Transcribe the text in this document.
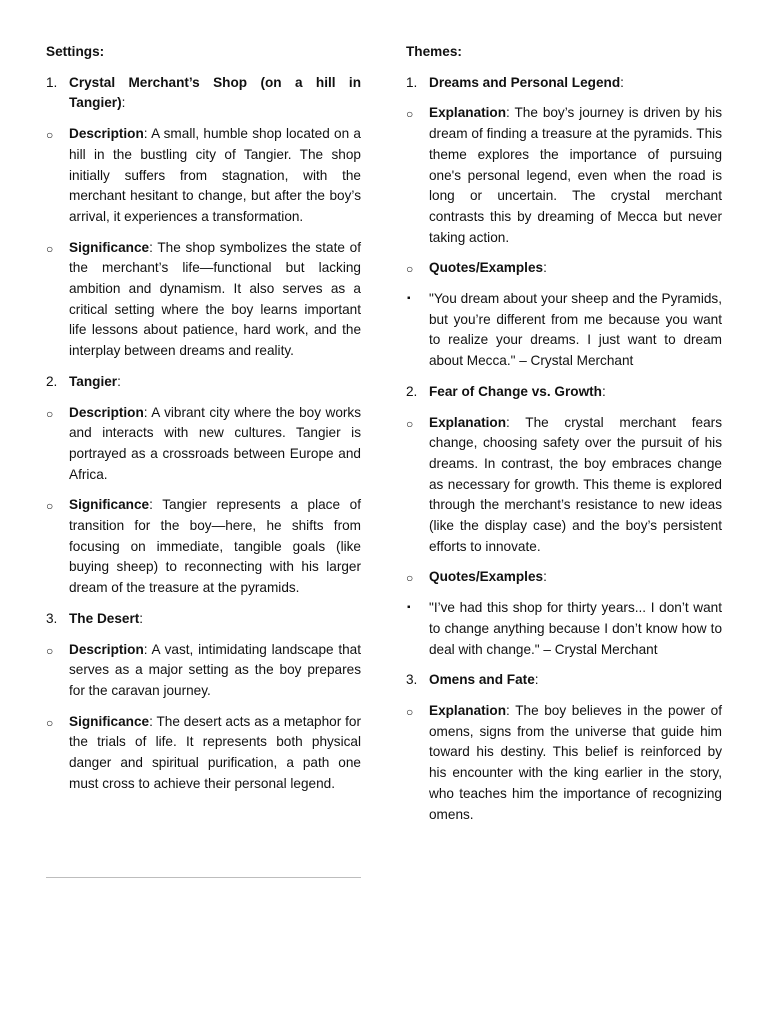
Settings:
1. Crystal Merchant’s Shop (on a hill in Tangier):
○ Description: A small, humble shop located on a hill in the bustling city of Tangier. The shop initially suffers from stagnation, with the merchant hesitant to change, but after the boy’s arrival, it experiences a transformation.
○ Significance: The shop symbolizes the state of the merchant’s life—functional but lacking ambition and dynamism. It also serves as a critical setting where the boy learns important life lessons about patience, hard work, and the interplay between dreams and reality.
2. Tangier:
○ Description: A vibrant city where the boy works and interacts with new cultures. Tangier is portrayed as a crossroads between Europe and Africa.
○ Significance: Tangier represents a place of transition for the boy—here, he shifts from focusing on immediate, tangible goals (like buying sheep) to reconnecting with his larger dream of the treasure at the pyramids.
3. The Desert:
○ Description: A vast, intimidating landscape that serves as a major setting as the boy prepares for the caravan journey.
○ Significance: The desert acts as a metaphor for the trials of life. It represents both physical danger and spiritual purification, a path one must cross to achieve their personal legend.
Themes:
1. Dreams and Personal Legend:
○ Explanation: The boy’s journey is driven by his dream of finding a treasure at the pyramids. This theme explores the importance of pursuing one's personal legend, even when the road is long or uncertain. The crystal merchant contrasts this by dreaming of Mecca but never taking action.
○ Quotes/Examples:
▪ "You dream about your sheep and the Pyramids, but you’re different from me because you want to realize your dreams. I just want to dream about Mecca." – Crystal Merchant
2. Fear of Change vs. Growth:
○ Explanation: The crystal merchant fears change, choosing safety over the pursuit of his dreams. In contrast, the boy embraces change as necessary for growth. This theme is explored through the merchant’s resistance to new ideas (like the display case) and the boy’s persistent efforts to innovate.
○ Quotes/Examples:
▪ "I’ve had this shop for thirty years... I don’t want to change anything because I don’t know how to deal with change." – Crystal Merchant
3. Omens and Fate:
○ Explanation: The boy believes in the power of omens, signs from the universe that guide him toward his destiny. This belief is reinforced by his encounter with the king earlier in the story, who teaches him the importance of recognizing omens.
